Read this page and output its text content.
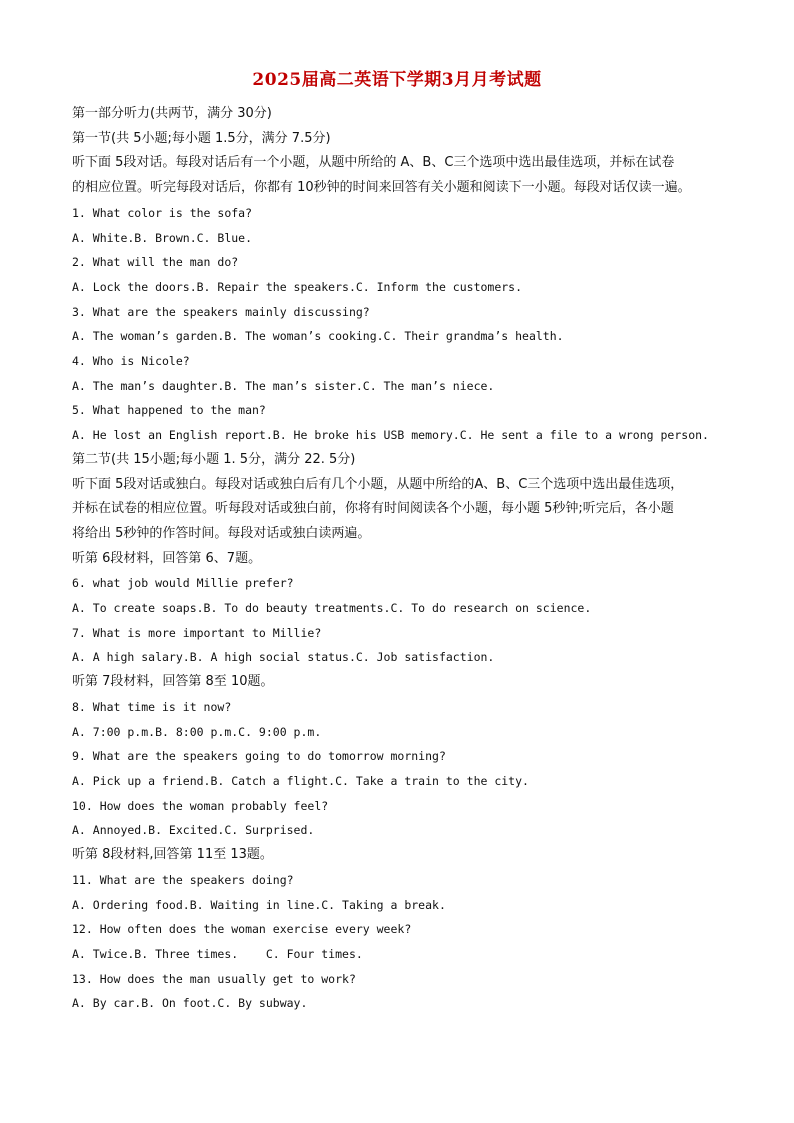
2025届高二英语下学期3月月考试题
第一部分听力(共两节，满分 30分)
第一节(共 5小题;每小题 1.5分，满分 7.5分)
听下面 5段对话。每段对话后有一个小题，从题中所给的 A、B、C三个选项中选出最佳选项，并标在试卷
的相应位置。听完每段对话后，你都有 10秒钟的时间来回答有关小题和阅读下一小题。每段对话仅读一遍。
1. What color is the sofa?
A. White.B. Brown.C. Blue.
2. What will the man do?
A. Lock the doors.B. Repair the speakers.C. Inform the customers.
3. What are the speakers mainly discussing?
A. The woman’s garden.B. The woman’s cooking.C. Their grandma’s health.
4. Who is Nicole?
A. The man’s daughter.B. The man’s sister.C. The man’s niece.
5. What happened to the man?
A. He lost an English report.B. He broke his USB memory.C. He sent a file to a wrong person.
第二节(共 15小题;每小题 1. 5分，满分 22. 5分)
听下面 5段对话或独白。每段对话或独白后有几个小题，从题中所给的A、B、C三个选项中选出最佳选项，
并标在试卷的相应位置。听每段对话或独白前，你将有时间阅读各个小题，每小题 5秒钟;听完后，各小题
将给出 5秒钟的作答时间。每段对话或独白读两遍。
听第 6段材料，回答第 6、7题。
6. what job would Millie prefer?
A. To create soaps.B. To do beauty treatments.C. To do research on science.
7. What is more important to Millie?
A. A high salary.B. A high social status.C. Job satisfaction.
听第 7段材料，回答第 8至 10题。
8. What time is it now?
A. 7:00 p.m.B. 8:00 p.m.C. 9:00 p.m.
9. What are the speakers going to do tomorrow morning?
A. Pick up a friend.B. Catch a flight.C. Take a train to the city.
10. How does the woman probably feel?
A. Annoyed.B. Excited.C. Surprised.
听第 8段材料,回答第 11至 13题。
11. What are the speakers doing?
A. Ordering food.B. Waiting in line.C. Taking a break.
12. How often does the woman exercise every week?
A. Twice.B. Three times.    C. Four times.
13. How does the man usually get to work?
A. By car.B. On foot.C. By subway.
